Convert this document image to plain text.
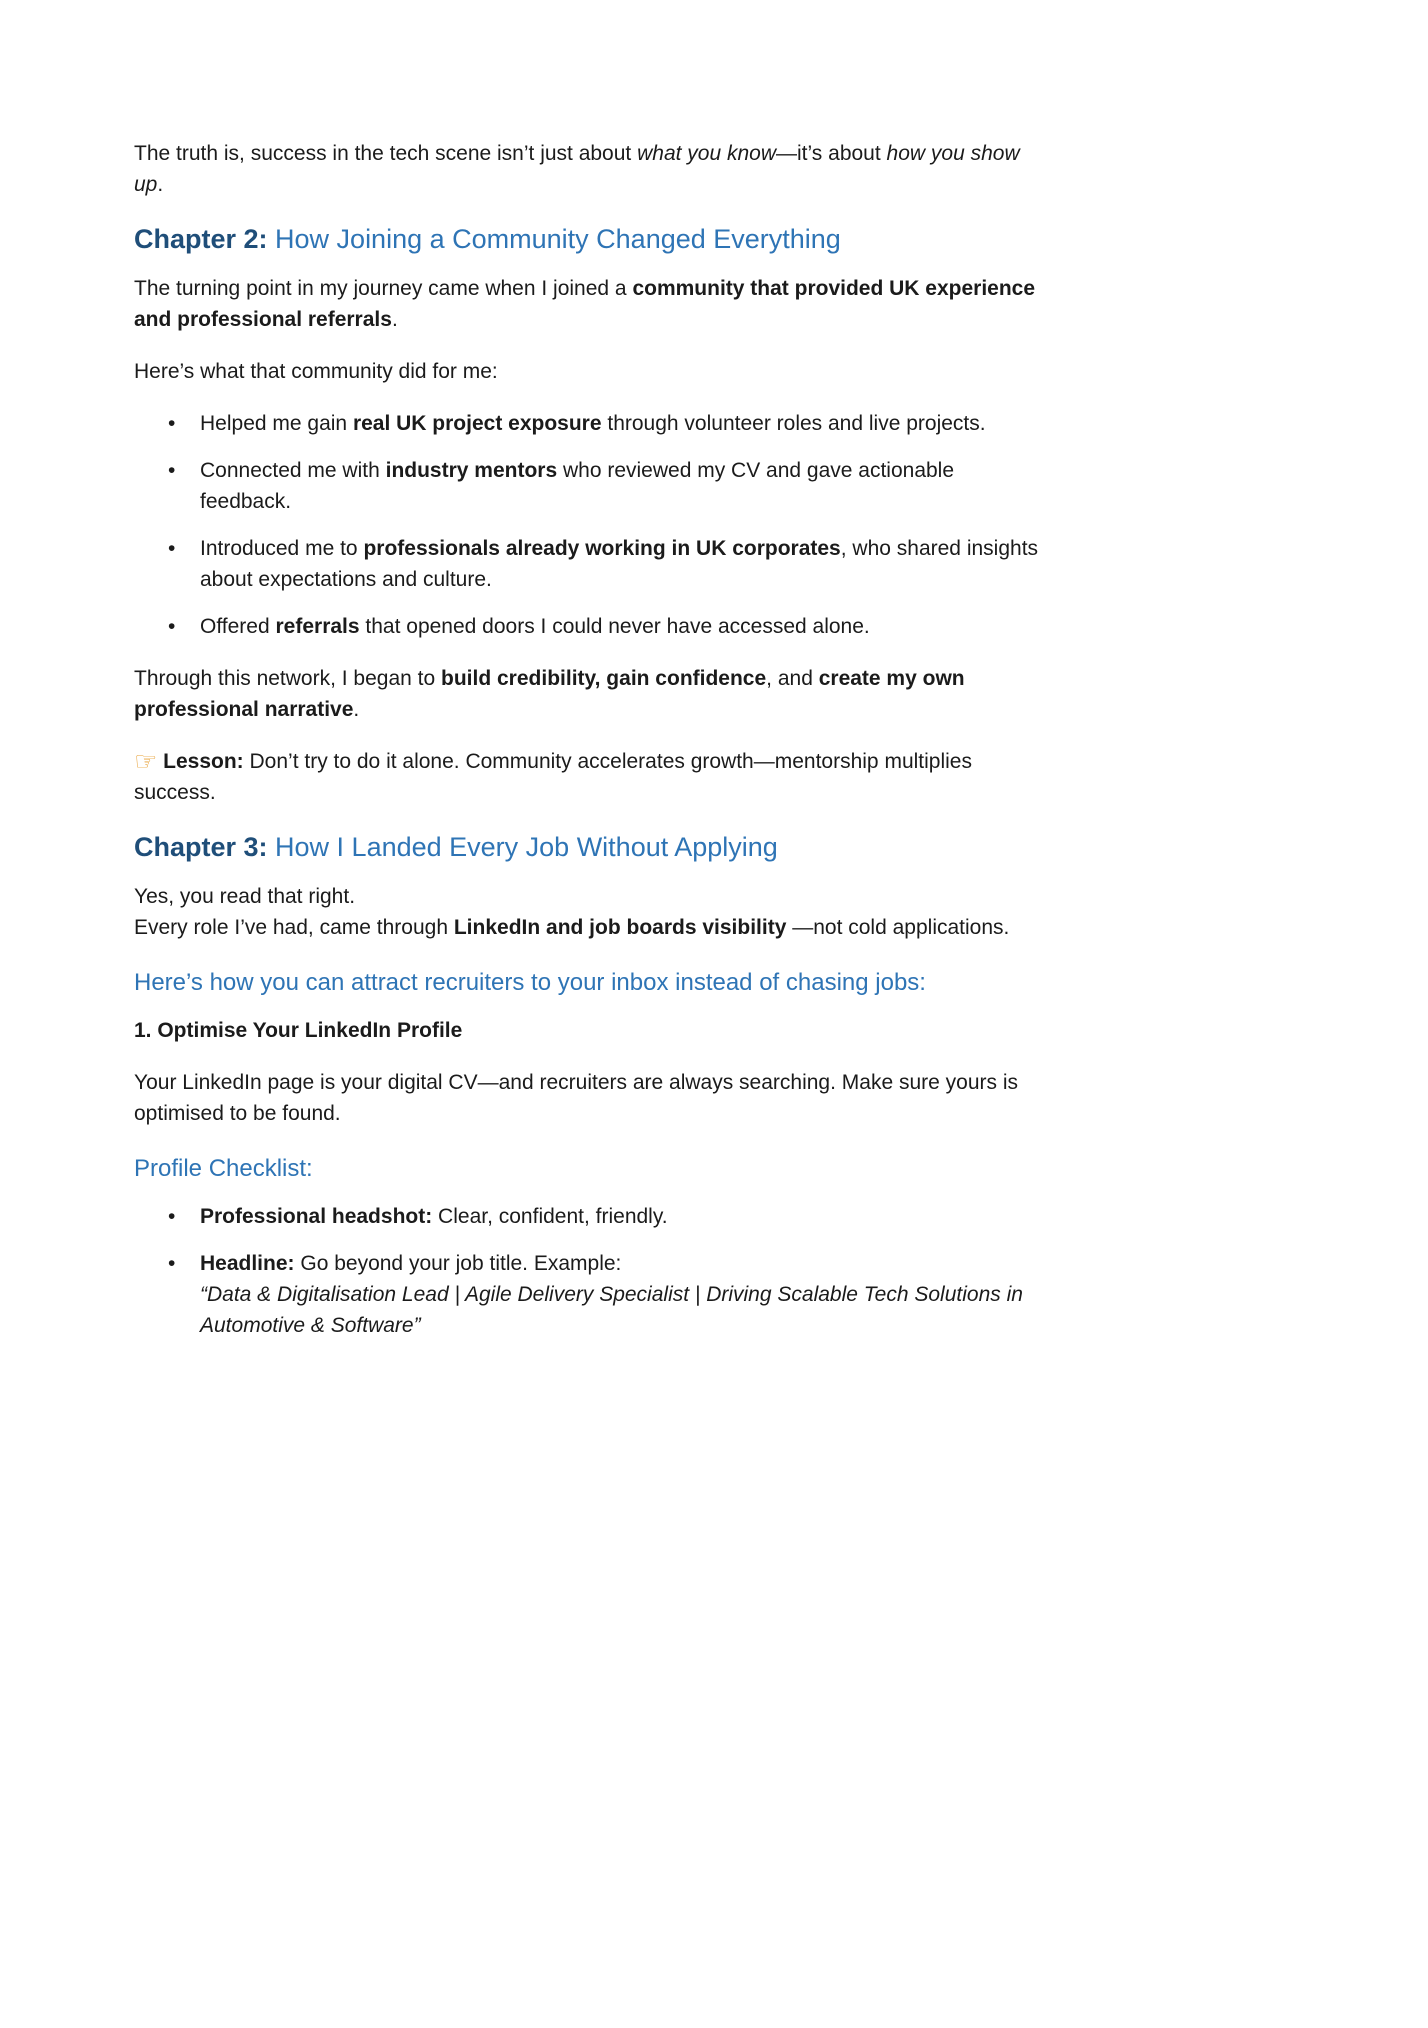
The truth is, success in the tech scene isn’t just about what you know—it’s about how you show up.

Chapter 2: How Joining a Community Changed Everything

The turning point in my journey came when I joined a community that provided UK experience and professional referrals.

Here’s what that community did for me:

• Helped me gain real UK project exposure through volunteer roles and live projects.
• Connected me with industry mentors who reviewed my CV and gave actionable feedback.
• Introduced me to professionals already working in UK corporates, who shared insights about expectations and culture.
• Offered referrals that opened doors I could never have accessed alone.

Through this network, I began to build credibility, gain confidence, and create my own professional narrative.

☞ Lesson: Don’t try to do it alone. Community accelerates growth—mentorship multiplies success.

Chapter 3: How I Landed Every Job Without Applying

Yes, you read that right.
Every role I’ve had, came through LinkedIn and job boards visibility —not cold applications.

Here’s how you can attract recruiters to your inbox instead of chasing jobs:

1. Optimise Your LinkedIn Profile

Your LinkedIn page is your digital CV—and recruiters are always searching. Make sure yours is optimised to be found.

Profile Checklist:
• Professional headshot: Clear, confident, friendly.
• Headline: Go beyond your job title. Example:
“Data & Digitalisation Lead | Agile Delivery Specialist | Driving Scalable Tech Solutions in Automotive & Software”
